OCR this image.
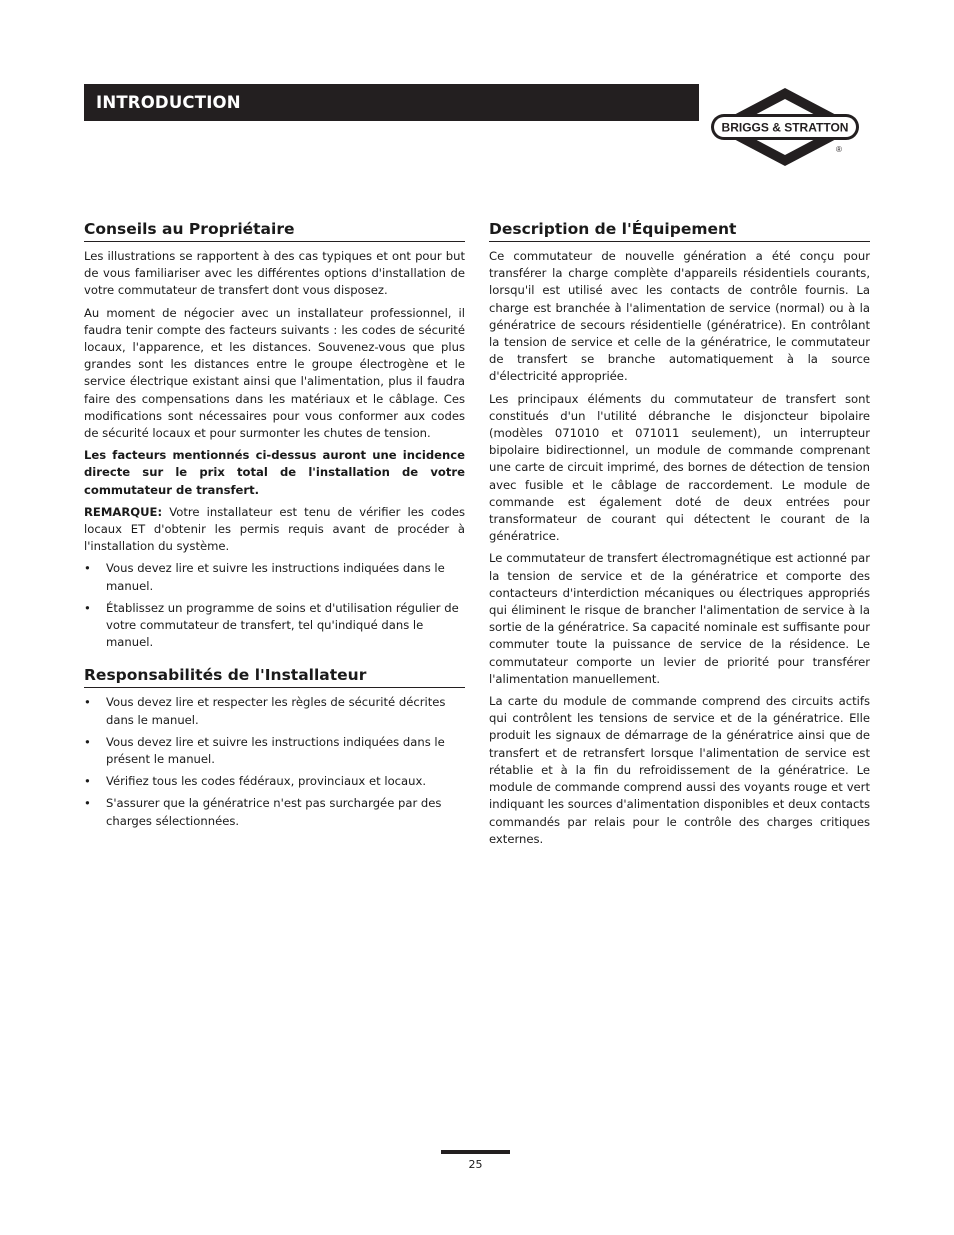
INTRODUCTION
BRIGGS & STRATTON
®
Conseils au Propriétaire

Les illustrations se rapportent à des cas typiques et ont pour but de vous familiariser avec les différentes options d'installation de votre commutateur de transfert dont vous disposez.

Au moment de négocier avec un installateur professionnel, il faudra tenir compte des facteurs suivants : les codes de sécurité locaux, l'apparence, et les distances. Souvenez-vous que plus grandes sont les distances entre le groupe électrogène et le service électrique existant ainsi que l'alimentation, plus il faudra faire des compensations dans les matériaux et le câblage. Ces modifications sont nécessaires pour vous conformer aux codes de sécurité locaux et pour surmonter les chutes de tension.

Les facteurs mentionnés ci-dessus auront une incidence directe sur le prix total de l'installation de votre commutateur de transfert.

REMARQUE: Votre installateur est tenu de vérifier les codes locaux ET d'obtenir les permis requis avant de procéder à l'installation du système.

• Vous devez lire et suivre les instructions indiquées dans le manuel.
• Établissez un programme de soins et d'utilisation régulier de votre commutateur de transfert, tel qu'indiqué dans le manuel.
Responsabilités de l'Installateur
• Vous devez lire et respecter les règles de sécurité décrites dans le manuel.
• Vous devez lire et suivre les instructions indiquées dans le présent le manuel.
• Vérifiez tous les codes fédéraux, provinciaux et locaux.
• S'assurer que la génératrice n'est pas surchargée par des charges sélectionnées.
Description de l'Équipement

Ce commutateur de nouvelle génération a été conçu pour transférer la charge complète d'appareils résidentiels courants, lorsqu'il est utilisé avec les contacts de contrôle fournis. La charge est branchée à l'alimentation de service (normal) ou à la génératrice de secours résidentielle (génératrice). En contrôlant la tension de service et celle de la génératrice, le commutateur de transfert se branche automatiquement à la source d'électricité appropriée.

Les principaux éléments du commutateur de transfert sont constitués d'un l'utilité débranche le disjoncteur bipolaire (modèles 071010 et 071011 seulement), un interrupteur bipolaire bidirectionnel, un module de commande comprenant une carte de circuit imprimé, des bornes de détection de tension avec fusible et le câblage de raccordement. Le module de commande est également doté de deux entrées pour transformateur de courant qui détectent le courant de la génératrice.

Le commutateur de transfert électromagnétique est actionné par la tension de service et de la génératrice et comporte des contacteurs d'interdiction mécaniques ou électriques appropriés qui éliminent le risque de brancher l'alimentation de service à la sortie de la génératrice. Sa capacité nominale est suffisante pour commuter toute la puissance de service de la résidence. Le commutateur comporte un levier de priorité pour transférer l'alimentation manuellement.

La carte du module de commande comprend des circuits actifs qui contrôlent les tensions de service et de la génératrice. Elle produit les signaux de démarrage de la génératrice ainsi que de transfert et de retransfert lorsque l'alimentation de service est rétablie et à la fin du refroidissement de la génératrice. Le module de commande comprend aussi des voyants rouge et vert indiquant les sources d'alimentation disponibles et deux contacts commandés par relais pour le contrôle des charges critiques externes.

25
